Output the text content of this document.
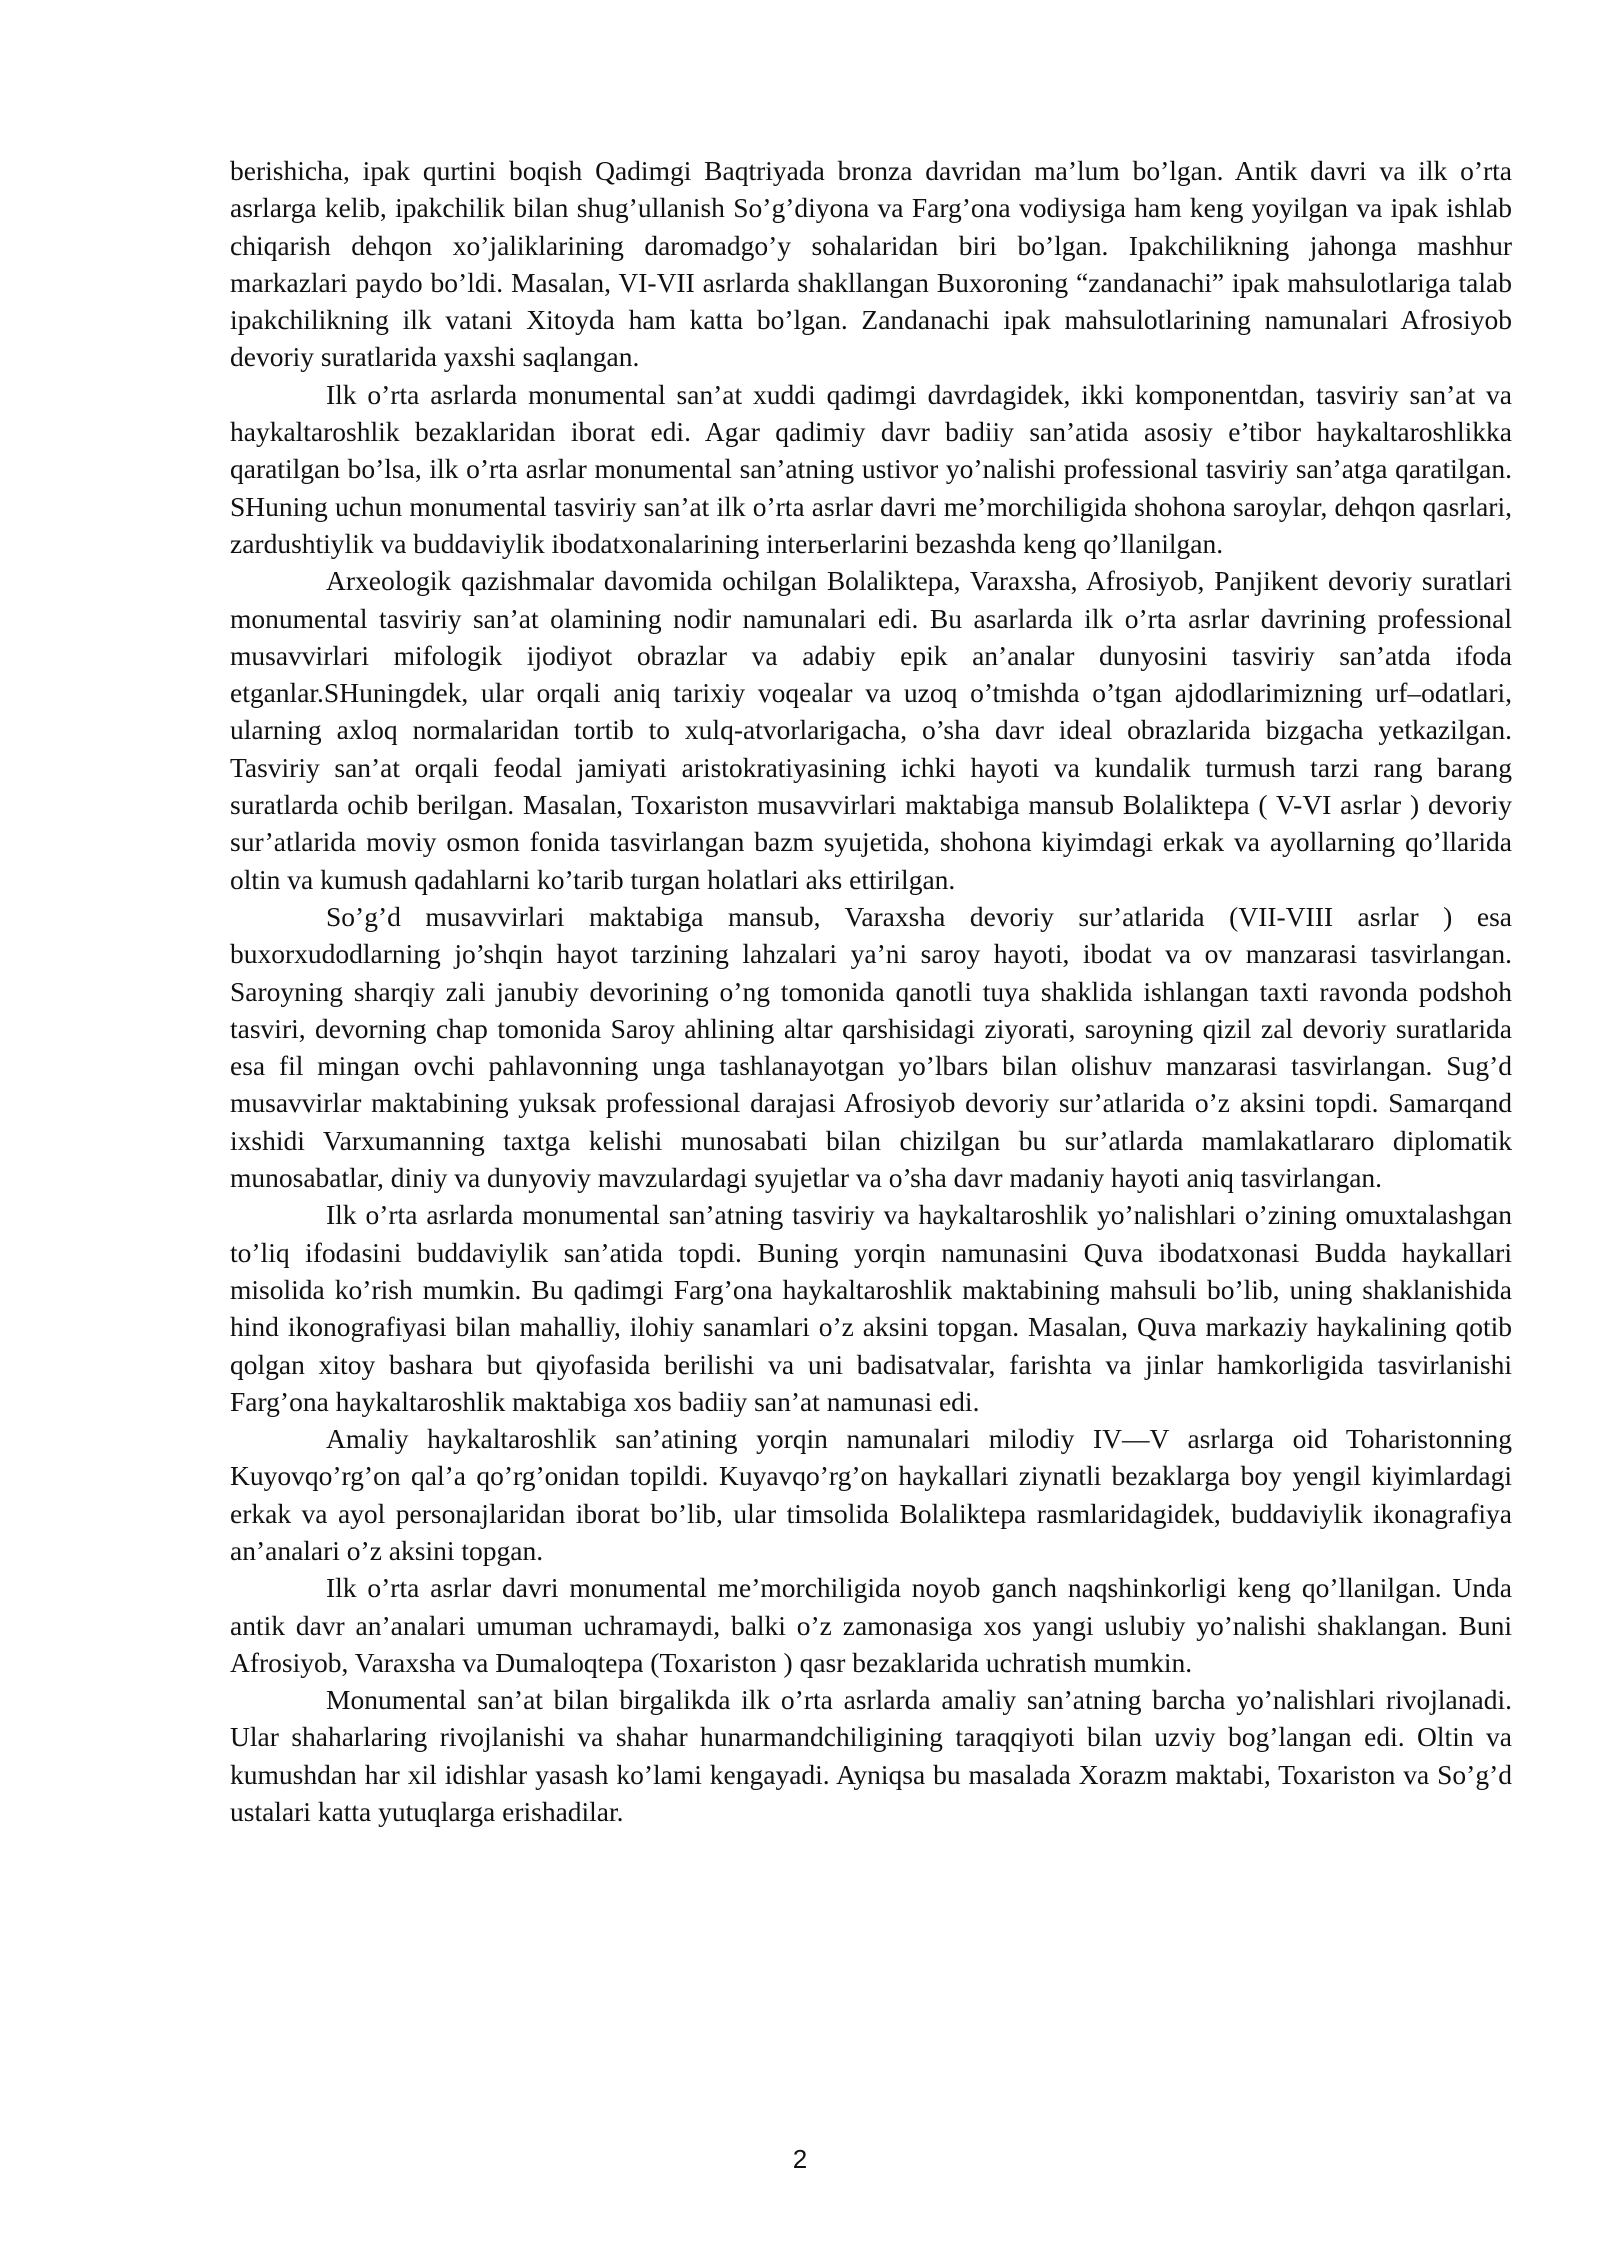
berishicha, ipak qurtini boqish Qadimgi Baqtriyada bronza davridan ma’lum bo’lgan. Antik davri va ilk o’rta asrlarga kelib, ipakchilik bilan shug’ullanish So’g’diyona va Farg’ona vodiysiga ham keng yoyilgan va ipak ishlab chiqarish dehqon xo’jaliklarining daromadgo’y sohalaridan biri bo’lgan. Ipakchilikning jahonga mashhur markazlari paydo bo’ldi. Masalan, VI-VII asrlarda shakllangan Buxoroning “zandanachi” ipak mahsulotlariga talab ipakchilikning ilk vatani Xitoyda ham katta bo’lgan. Zandanachi ipak mahsulotlarining namunalari Afrosiyob devoriy suratlarida yaxshi saqlangan.

Ilk o’rta asrlarda monumental san’at xuddi qadimgi davrdagidek, ikki komponentdan, tasviriy san’at va haykaltaroshlik bezaklaridan iborat edi. Agar qadimiy davr badiiy san’atida asosiy e’tibor haykaltaroshlikka qaratilgan bo’lsa, ilk o’rta asrlar monumental san’atning ustivor yo’nalishi professional tasviriy san’atga qaratilgan. SHuning uchun monumental tasviriy san’at ilk o’rta asrlar davri me’morchiligida shohona saroylar, dehqon qasrlari, zardushtiylik va buddaviylik ibodatxonalarining interьerlarini bezashda keng qo’llanilgan.

Arxeologik qazishmalar davomida ochilgan Bolaliktepa, Varaxsha, Afrosiyob, Panjikent devoriy suratlari monumental tasviriy san’at olamining nodir namunalari edi. Bu asarlarda ilk o’rta asrlar davrining professional musavvirlari mifologik ijodiyot obrazlar va adabiy epik an’analar dunyosini tasviriy san’atda ifoda etganlar.SHuningdek, ular orqali aniq tarixiy voqealar va uzoq o’tmishda o’tgan ajdodlarimizning urf–odatlari, ularning axloq normalaridan tortib to xulq-atvorlarigacha, o’sha davr ideal obrazlarida bizgacha yetkazilgan. Tasviriy san’at orqali feodal jamiyati aristokratiyasining ichki hayoti va kundalik turmush tarzi rang barang suratlarda ochib berilgan. Masalan, Toxariston musavvirlari maktabiga mansub Bolaliktepa ( V-VI asrlar ) devoriy sur’atlarida moviy osmon fonida tasvirlangan bazm syujetida, shohona kiyimdagi erkak va ayollarning qo’llarida oltin va kumush qadahlarni ko’tarib turgan holatlari aks ettirilgan.

So’g’d musavvirlari maktabiga mansub, Varaxsha devoriy sur’atlarida (VII-VIII asrlar ) esa buxorxudodlarning jo’shqin hayot tarzining lahzalari ya’ni saroy hayoti, ibodat va ov manzarasi tasvirlangan. Saroyning sharqiy zali janubiy devorining o’ng tomonida qanotli tuya shaklida ishlangan taxti ravonda podshoh tasviri, devorning chap tomonida Saroy ahlining altar qarshisidagi ziyorati, saroyning qizil zal devoriy suratlarida esa fil mingan ovchi pahlavonning unga tashlanayotgan yo’lbars bilan olishuv manzarasi tasvirlangan. Sug’d musavvirlar maktabining yuksak professional darajasi Afrosiyob devoriy sur’atlarida o’z aksini topdi. Samarqand ixshidi Varxumanning taxtga kelishi munosabati bilan chizilgan bu sur’atlarda mamlakatlararo diplomatik munosabatlar, diniy va dunyoviy mavzulardagi syujetlar va o’sha davr madaniy hayoti aniq tasvirlangan.

Ilk o’rta asrlarda monumental san’atning tasviriy va haykaltaroshlik yo’nalishlari o’zining omuxtalashgan to’liq ifodasini buddaviylik san’atida topdi. Buning yorqin namunasini Quva ibodatxonasi Budda haykallari misolida ko’rish mumkin. Bu qadimgi Farg’ona haykaltaroshlik maktabining mahsuli bo’lib, uning shaklanishida hind ikonografiyasi bilan mahalliy, ilohiy sanamlari o’z aksini topgan. Masalan, Quva markaziy haykalining qotib qolgan xitoy bashara but qiyofasida berilishi va uni badisatvalar, farishta va jinlar hamkorligida tasvirlanishi Farg’ona haykaltaroshlik maktabiga xos badiiy san’at namunasi edi.

Amaliy haykaltaroshlik san’atining yorqin namunalari milodiy IV—V asrlarga oid Toharistonning Kuyovqo’rg’on qal’a qo’rg’onidan topildi. Kuyavqo’rg’on haykallari ziynatli bezaklarga boy yengil kiyimlardagi erkak va ayol personajlaridan iborat bo’lib, ular timsolida Bolaliktepa rasmlaridagidek, buddaviylik ikonagrafiya an’analari o’z aksini topgan.

Ilk o’rta asrlar davri monumental me’morchiligida noyob ganch naqshinkorligi keng qo’llanilgan. Unda antik davr an’analari umuman uchramaydi, balki o’z zamonasiga xos yangi uslubiy yo’nalishi shaklangan. Buni Afrosiyob, Varaxsha va Dumaloqtepa (Toxariston ) qasr bezaklarida uchratish mumkin.

Monumental san’at bilan birgalikda ilk o’rta asrlarda amaliy san’atning barcha yo’nalishlari rivojlanadi. Ular shaharlaring rivojlanishi va shahar hunarmandchiligining taraqqiyoti bilan uzviy bog’langan edi. Oltin va kumushdan har xil idishlar yasash ko’lami kengayadi. Ayniqsa bu masalada Xorazm maktabi, Toxariston va So’g’d ustalari katta yutuqlarga erishadilar.

2
